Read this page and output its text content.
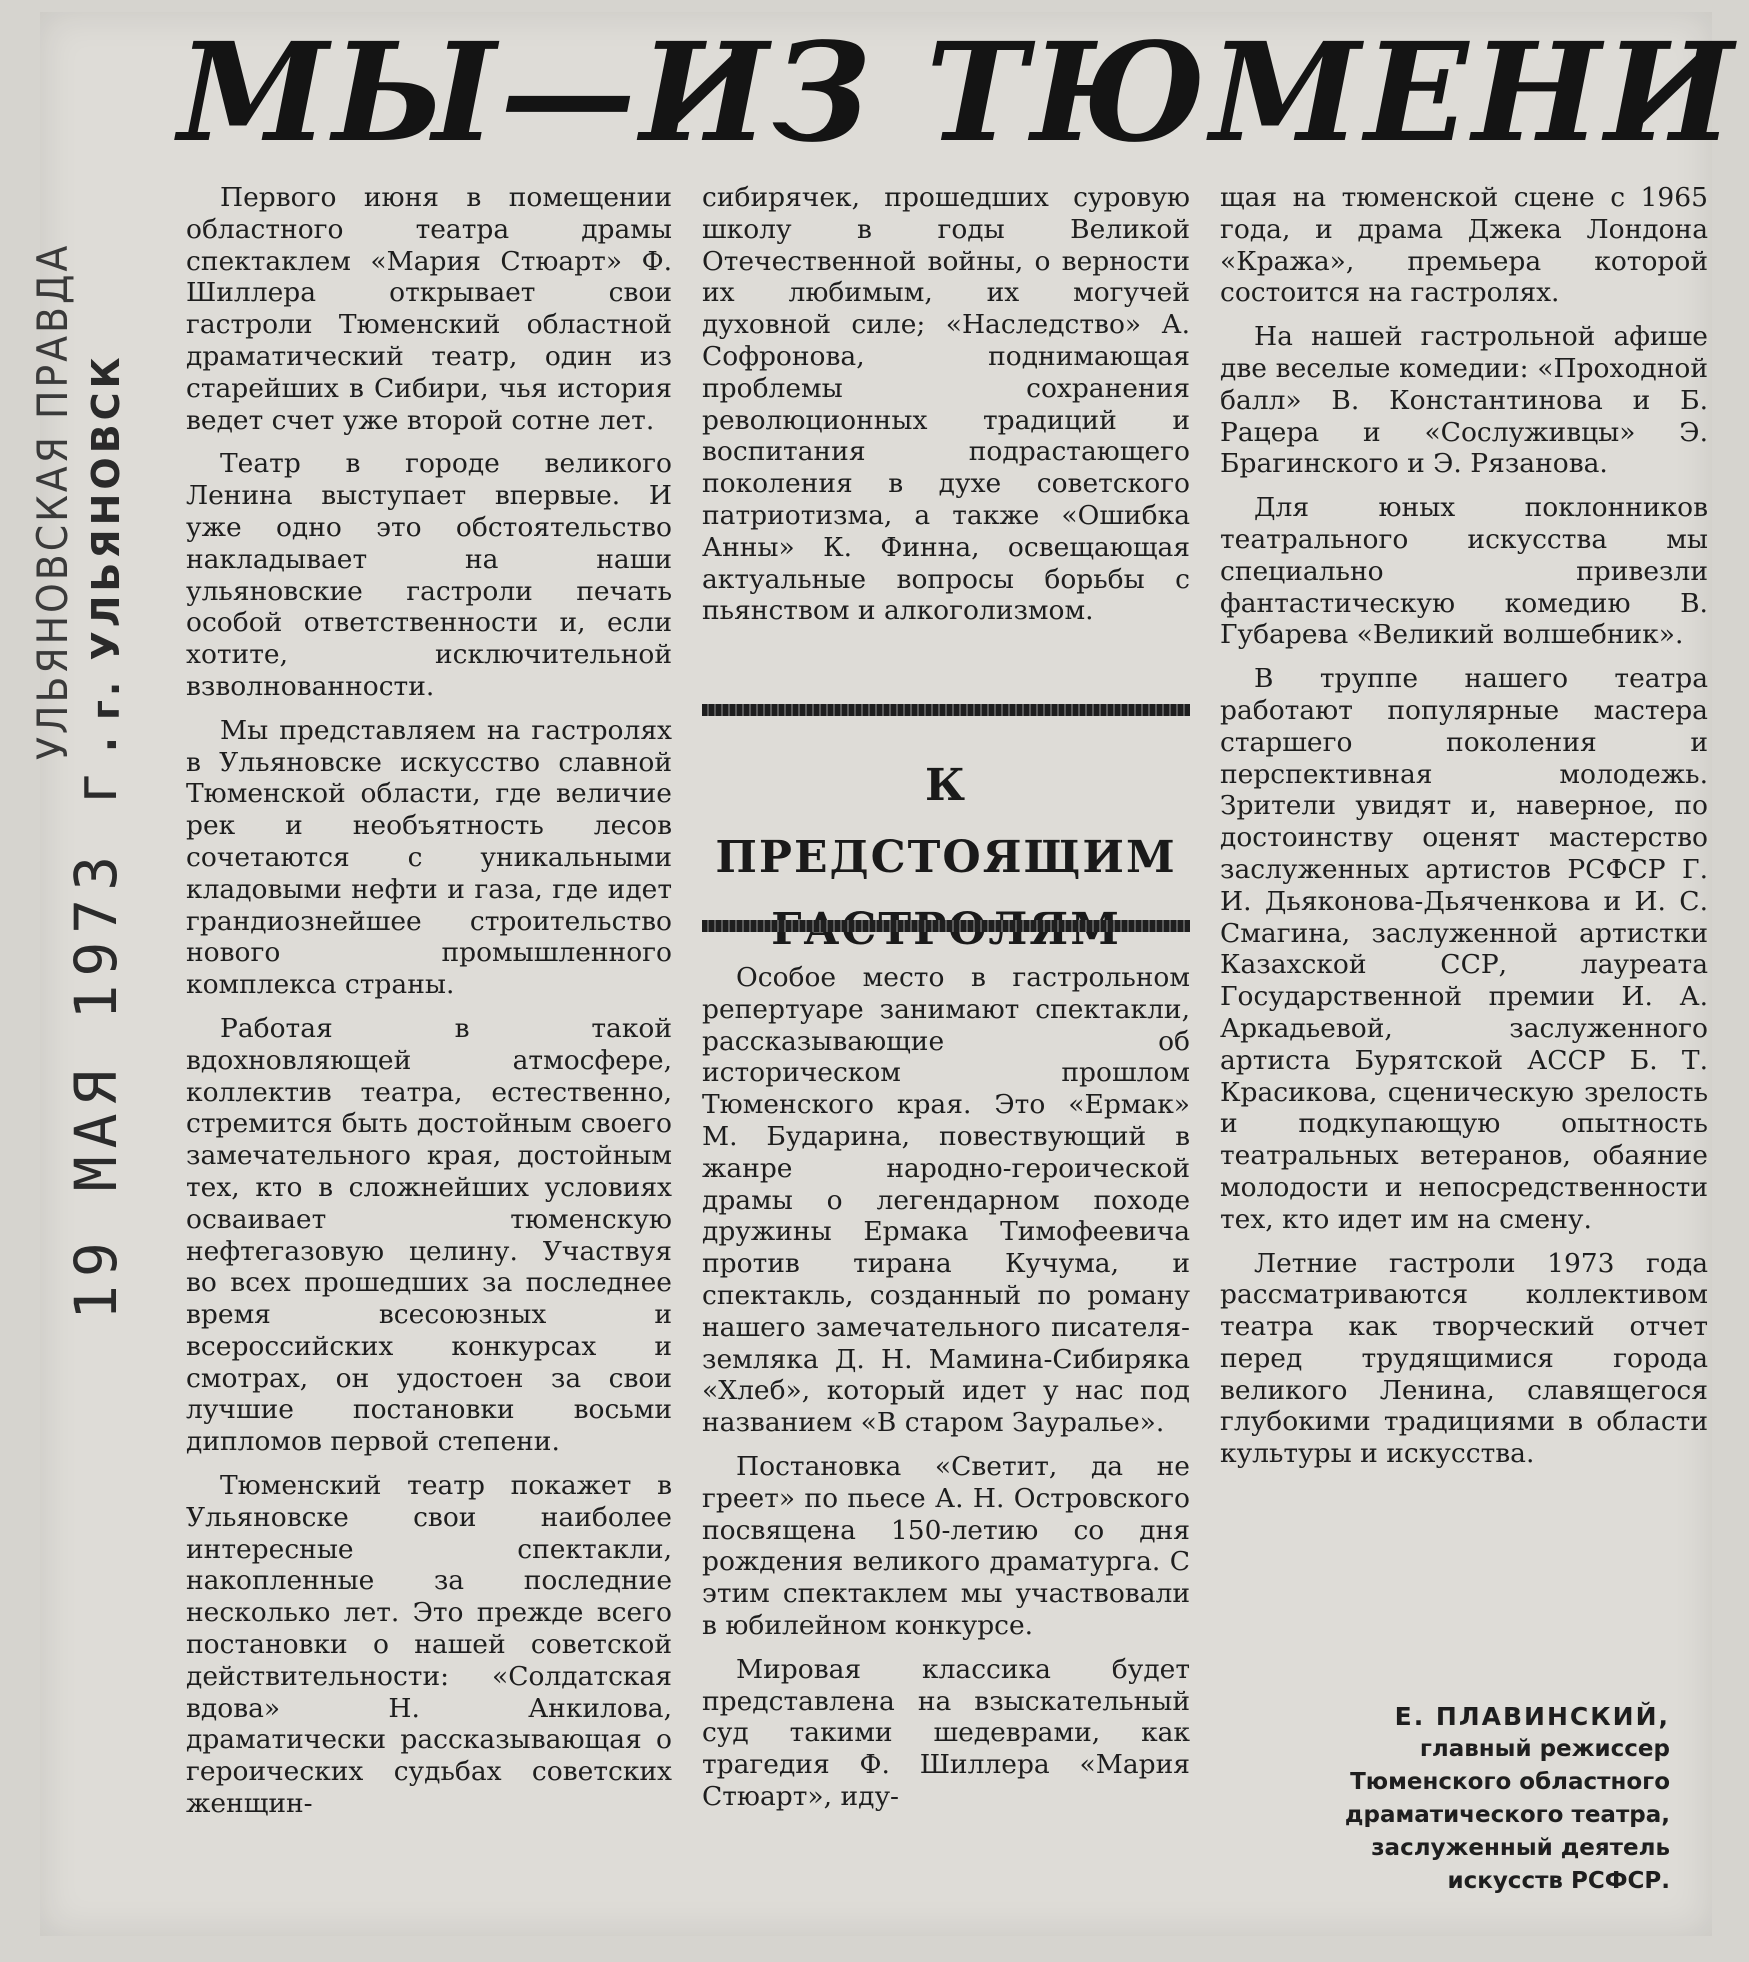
МЫ—ИЗ ТЮМЕНИ
УЛЬЯНОВСКАЯ ПРАВДА г. УЛЬЯНОВСК
19 МАЯ 1973 г.

Первого июня в помещении областного театра драмы спектаклем «Мария Стюарт» Ф. Шиллера открывает свои гастроли Тюменский областной драматический театр, один из старейших в Сибири, чья история ведет счет уже второй сотне лет.

Театр в городе великого Ленина выступает впервые. И уже одно это обстоятельство накладывает на наши ульяновские гастроли печать особой ответственности и, если хотите, исключительной взволнованности.

Мы представляем на гастролях в Ульяновске искусство славной Тюменской области, где величие рек и необъятность лесов сочетаются с уникальными кладовыми нефти и газа, где идет грандиознейшее строительство нового промышленного комплекса страны.

Работая в такой вдохновляющей атмосфере, коллектив театра, естественно, стремится быть достойным своего замечательного края, достойным тех, кто в сложнейших условиях осваивает тюменскую нефтегазовую целину. Участвуя во всех прошедших за последнее время всесоюзных и всероссийских конкурсах и смотрах, он удостоен за свои лучшие постановки восьми дипломов первой степени.

Тюменский театр покажет в Ульяновске свои наиболее интересные спектакли, накопленные за последние несколько лет. Это прежде всего постановки о нашей советской действительности: «Солдатская вдова» Н. Анкилова, драматически рассказывающая о героических судьбах советских женщин-

сибирячек, прошедших суровую школу в годы Великой Отечественной войны, о верности их любимым, их могучей духовной силе; «Наследство» А. Софронова, поднимающая проблемы сохранения революционных традиций и воспитания подрастающего поколения в духе советского патриотизма, а также «Ошибка Анны» К. Финна, освещающая актуальные вопросы борьбы с пьянством и алкоголизмом.

К ПРЕДСТОЯЩИМ

Особое место в гастрольном репертуаре занимают спектакли, рассказывающие об историческом прошлом Тюменского края. Это «Ермак» М. Бударина, повествующий в жанре народно-героической драмы о легендарном походе дружины Ермака Тимофеевича против тирана Кучума, и спектакль, созданный по роману нашего замечательного писателя-земляка Д. Н. Мамина-Сибиряка «Хлеб», который идет у нас под названием «В старом Зауралье».

Постановка «Светит, да не греет» по пьесе А. Н. Островского посвящена 150-летию со дня рождения великого драматурга. С этим спектаклем мы участвовали в юбилейном конкурсе.

Мировая классика будет представлена на взыскательный суд такими шедеврами, как трагедия Ф. Шиллера «Мария Стюарт», иду-

щая на тюменской сцене с 1965 года, и драма Джека Лондона «Кража», премьера которой состоится на гастролях.

На нашей гастрольной афише две веселые комедии: «Проходной балл» В. Константинова и Б. Рацера и «Сослуживцы» Э. Брагинского и Э. Рязанова.

Для юных поклонников театрального искусства мы специально привезли фантастическую комедию В. Губарева «Великий волшебник».

В труппе нашего театра работают популярные мастера старшего поколения и перспективная молодежь. Зрители увидят и, наверное, по достоинству оценят мастерство заслуженных артистов РСФСР Г. И. Дьяконова-Дьяченкова и И. С. Смагина, заслуженной артистки Казахской ССР, лауреата Государственной премии И. А. Аркадьевой, заслуженного артиста Бурятской АССР Б. Т. Красикова, сценическую зрелость и подкупающую опытность театральных ветеранов, обаяние молодости и непосредственности тех, кто идет им на смену.

Летние гастроли 1973 года рассматриваются коллективом театра как творческий отчет перед трудящимися города великого Ленина, славящегося глубокими традициями в области культуры и искусства.

Е. ПЛАВИНСКИЙ,
главный режиссер
Тюменского областного
драматического театра,
заслуженный деятель
искусств РСФСР.
